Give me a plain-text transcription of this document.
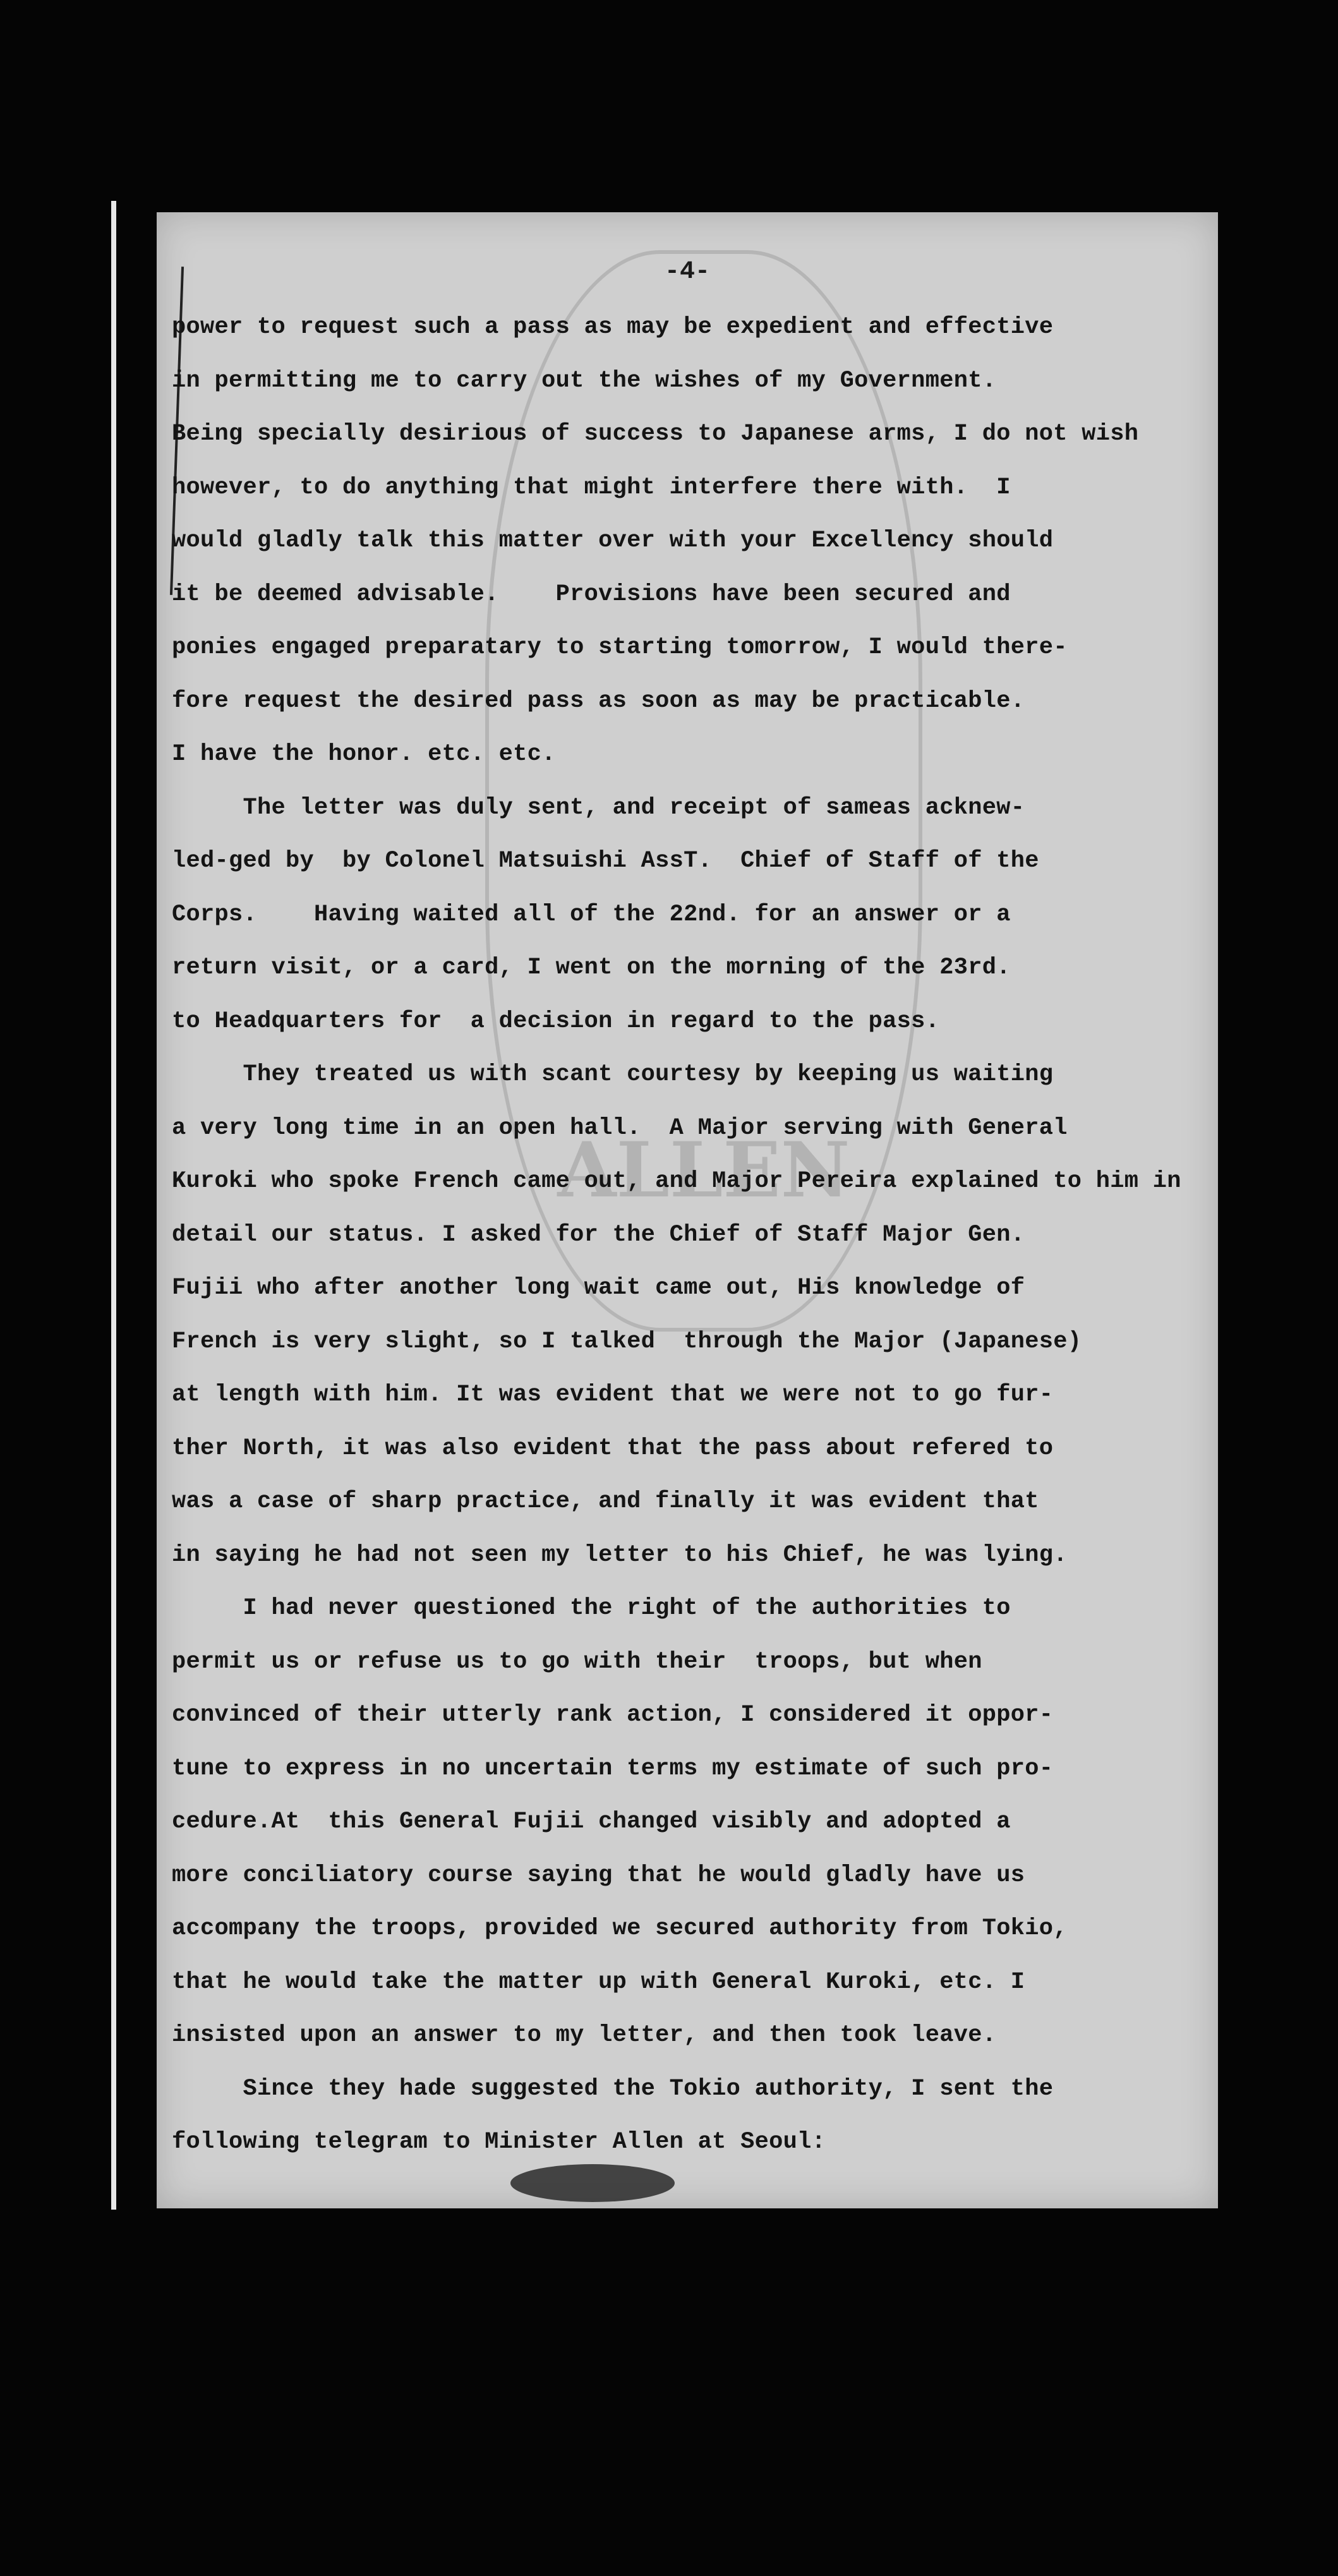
ALLEN
-4-
power to request such a pass as may be expedient and effective
in permitting me to carry out the wishes of my Government.
Being specially desirious of success to Japanese arms, I do not wish
however, to do anything that might interfere there with.  I
would gladly talk this matter over with your Excellency should
it be deemed advisable.    Provisions have been secured and
ponies engaged preparatary to starting tomorrow, I would there-
fore request the desired pass as soon as may be practicable.
I have the honor. etc. etc.
The letter was duly sent, and receipt of sameas acknew-
led-ged by  by Colonel Matsuishi AssT.  Chief of Staff of the
Corps.    Having waited all of the 22nd. for an answer or a
return visit, or a card, I went on the morning of the 23rd.
to Headquarters for  a decision in regard to the pass.
They treated us with scant courtesy by keeping us waiting
a very long time in an open hall.  A Major serving with General
Kuroki who spoke French came out, and Major Pereira explained to him in
detail our status. I asked for the Chief of Staff Major Gen.
Fujii who after another long wait came out, His knowledge of
French is very slight, so I talked  through the Major (Japanese)
at length with him. It was evident that we were not to go fur-
ther North, it was also evident that the pass about refered to
was a case of sharp practice, and finally it was evident that
in saying he had not seen my letter to his Chief, he was lying.
I had never questioned the right of the authorities to
permit us or refuse us to go with their  troops, but when
convinced of their utterly rank action, I considered it oppor-
tune to express in no uncertain terms my estimate of such pro-
cedure.At  this General Fujii changed visibly and adopted a
more conciliatory course saying that he would gladly have us
accompany the troops, provided we secured authority from Tokio,
that he would take the matter up with General Kuroki, etc. I
insisted upon an answer to my letter, and then took leave.
Since they hade suggested the Tokio authority, I sent the
following telegram to Minister Allen at Seoul:
